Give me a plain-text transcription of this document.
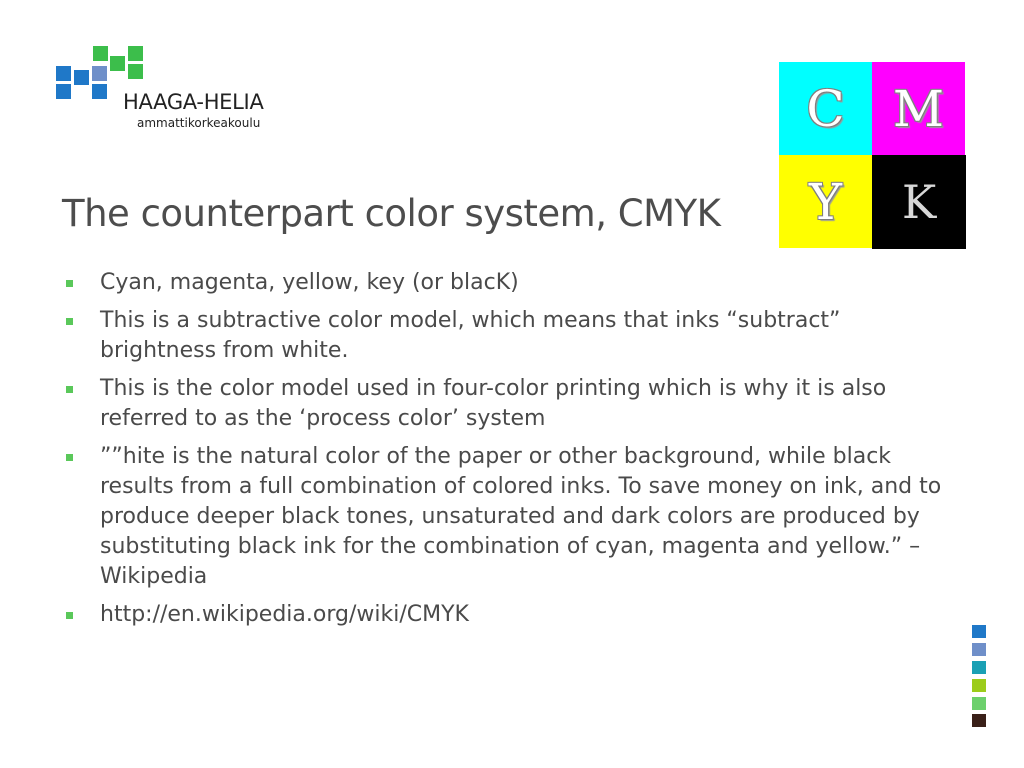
HAAGA-HELIA
ammattikorkeakoulu	C M
Y K
The counterpart color system, CMYK
Cyan, magenta, yellow, key (or blacK)
This is a subtractive color model, which means that inks “subtract” brightness from white.
This is the color model used in four-color printing which is why it is also referred to as the ‘process color’ system
””hite is the natural color of the paper or other background, while black results from a full combination of colored inks. To save money on ink, and to produce deeper black tones, unsaturated and dark colors are produced by substituting black ink for the combination of cyan, magenta and yellow.” –Wikipedia
http://en.wikipedia.org/wiki/CMYK
